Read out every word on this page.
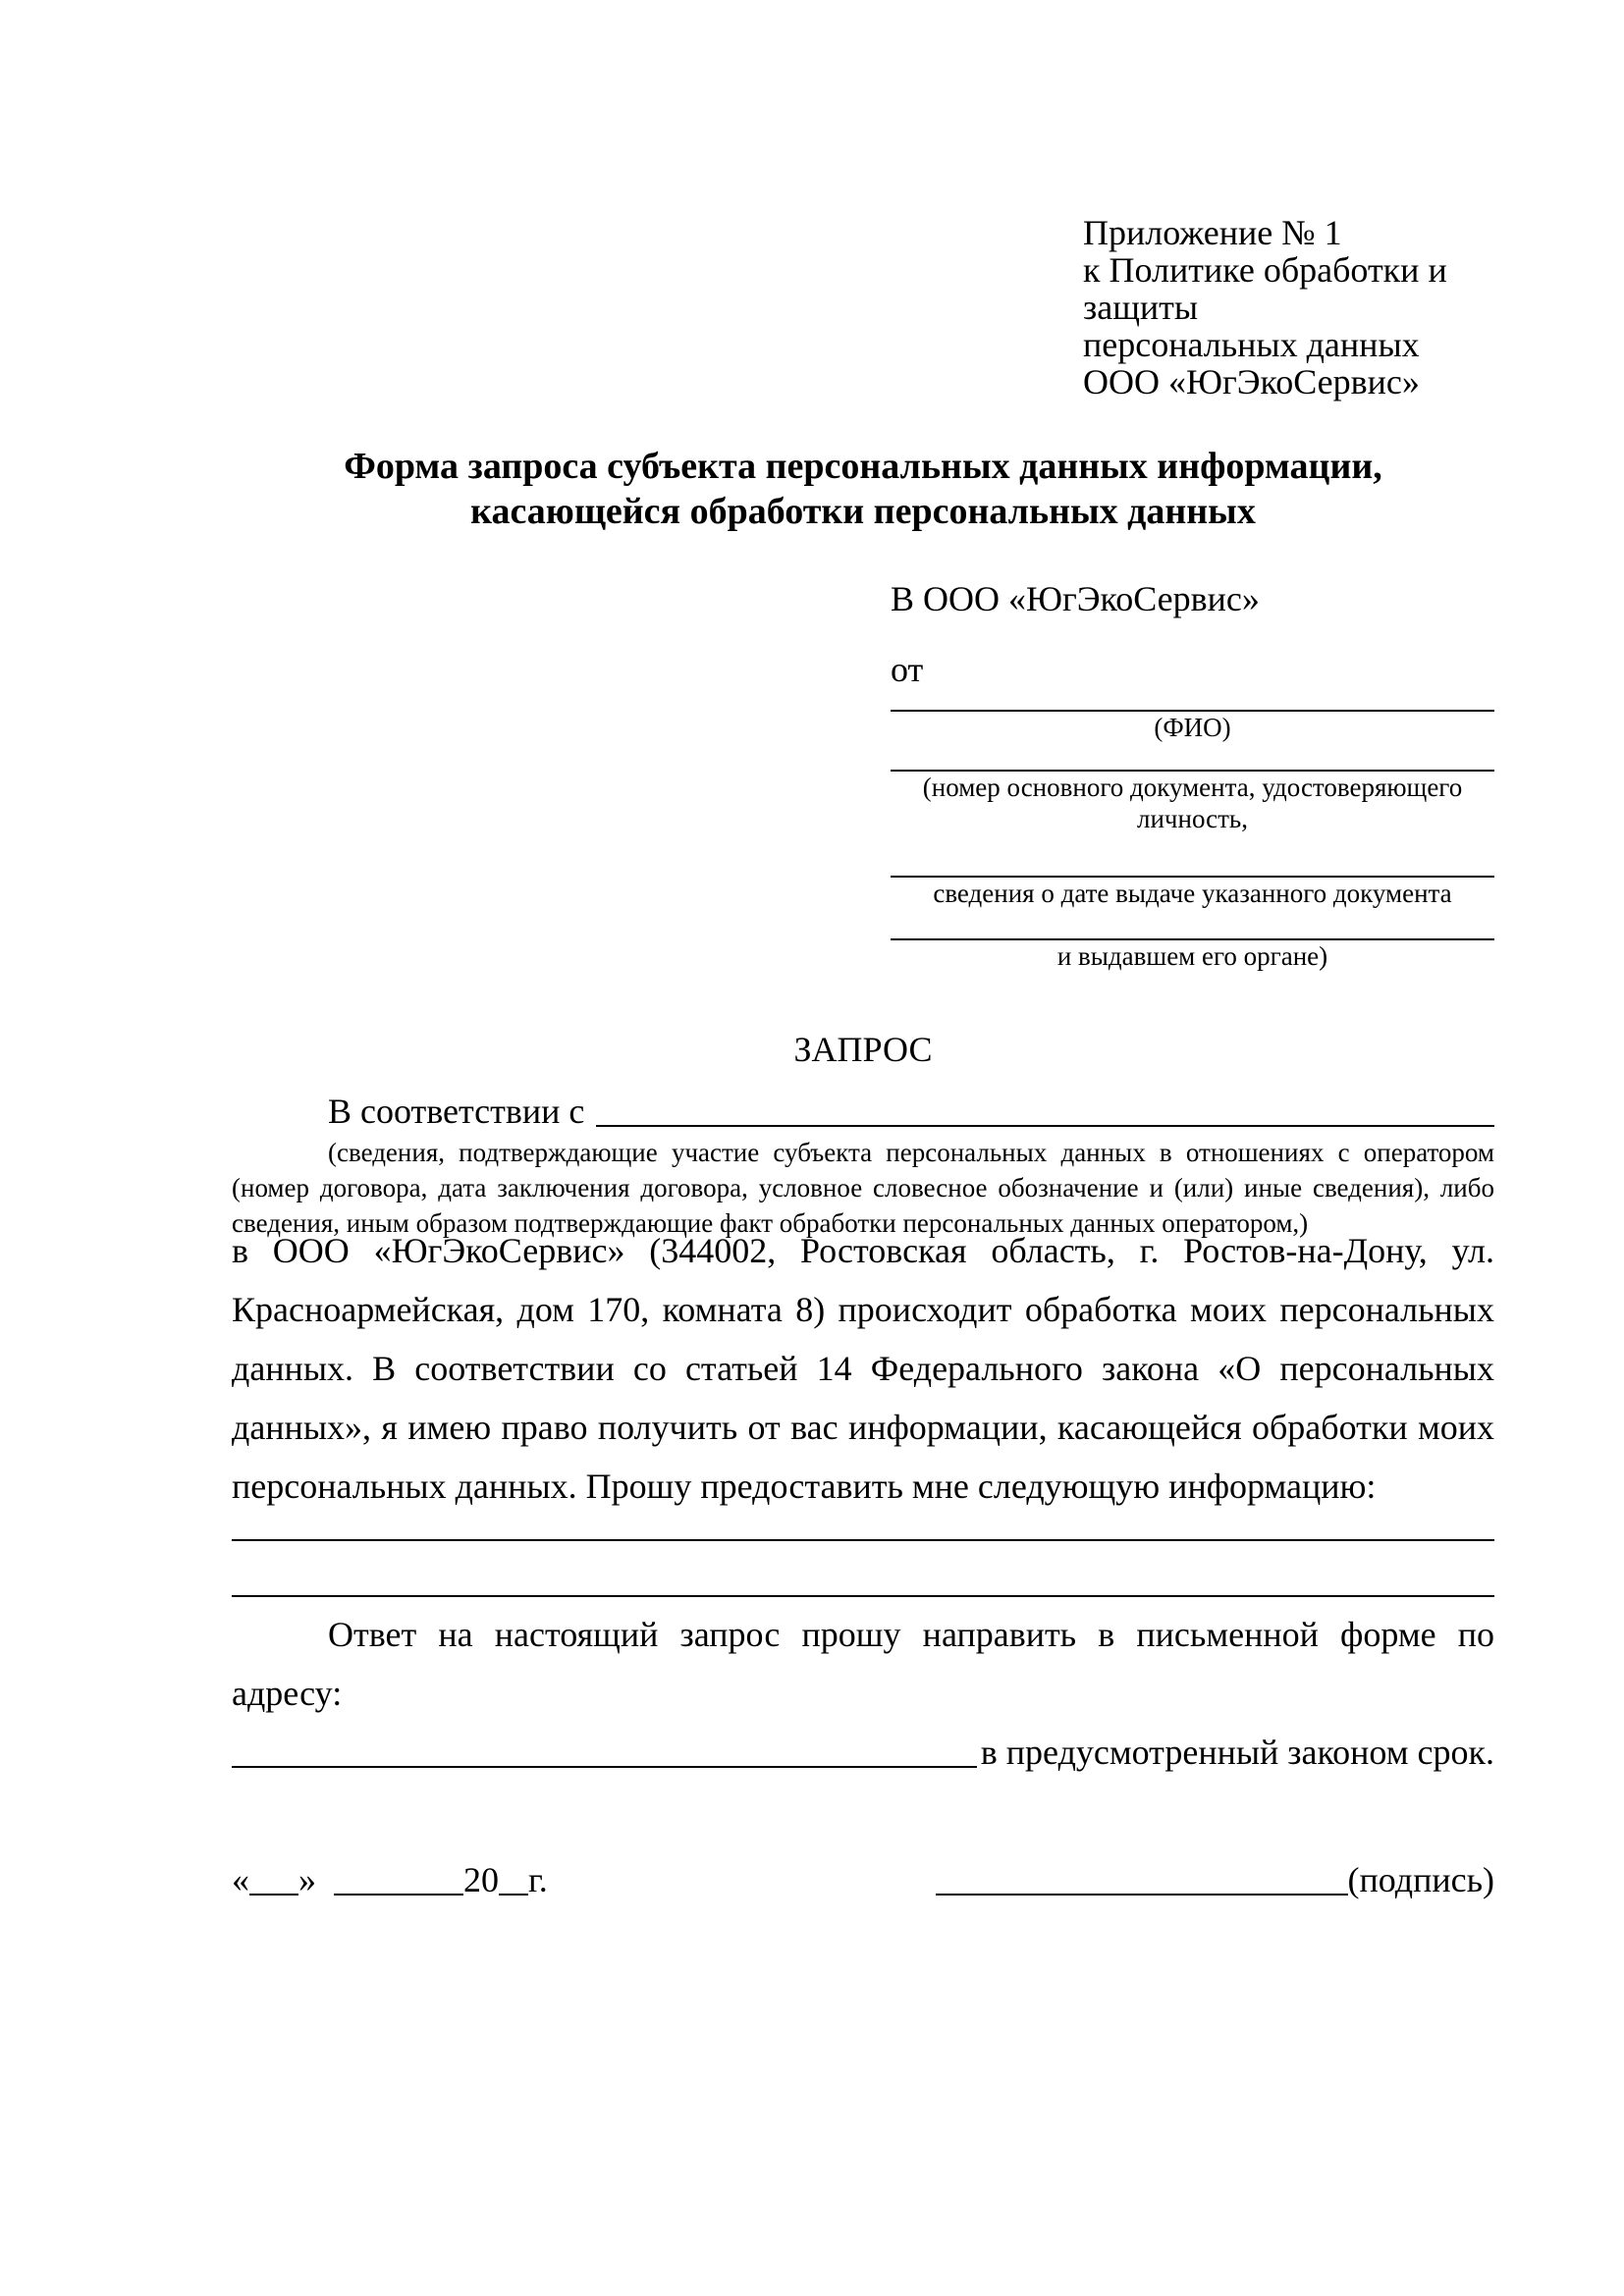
Приложение № 1
к Политике обработки и защиты
персональных данных
ООО «ЮгЭкоСервис»
Форма запроса субъекта персональных данных информации,
касающейся обработки персональных данных
В ООО «ЮгЭкоСервис»
от
(ФИО)
(номер основного документа, удостоверяющего личность,
сведения о дате выдаче указанного документа
и выдавшем его органе)
ЗАПРОС
В соответствии с
(сведения, подтверждающие участие субъекта персональных данных в отношениях с оператором (номер договора, дата заключения договора, условное словесное обозначение и (или) иные сведения), либо сведения, иным образом подтверждающие факт обработки персональных данных оператором,)
в ООО «ЮгЭкоСервис» (344002, Ростовская область, г. Ростов-на-Дону, ул. Красноармейская, дом 170, комната 8) происходит обработка моих персональных данных. В соответствии со статьей 14 Федерального закона «О персональных данных», я имею право получить от вас информации, касающейся обработки моих персональных данных. Прошу предоставить мне следующую информацию:
Ответ на настоящий запрос прошу направить в письменной форме по адресу:
в предусмотренный законом срок.
« »	20 г.	(подпись)
